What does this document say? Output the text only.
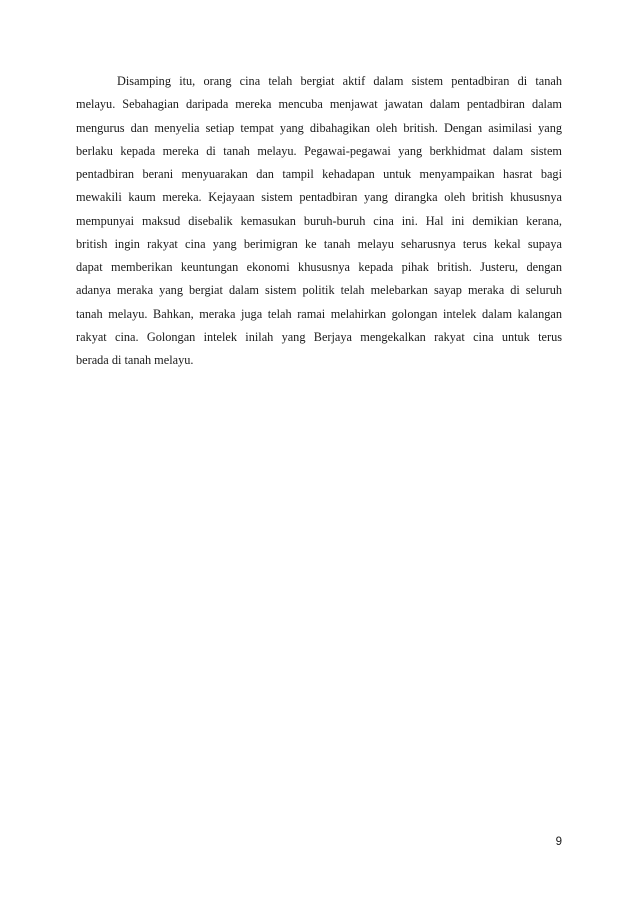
Disamping itu, orang cina telah bergiat aktif dalam sistem pentadbiran di tanah
melayu. Sebahagian daripada mereka mencuba menjawat jawatan dalam pentadbiran dalam
mengurus dan menyelia setiap tempat yang dibahagikan oleh british. Dengan asimilasi yang
berlaku kepada mereka di tanah melayu. Pegawai-pegawai yang berkhidmat dalam sistem
pentadbiran berani menyuarakan dan tampil kehadapan untuk menyampaikan hasrat bagi
mewakili kaum mereka. Kejayaan sistem pentadbiran yang dirangka oleh british khususnya
mempunyai maksud disebalik kemasukan buruh-buruh cina ini. Hal ini demikian kerana,
british ingin rakyat cina yang berimigran ke tanah melayu seharusnya terus kekal supaya
dapat memberikan keuntungan ekonomi khususnya kepada pihak british. Justeru, dengan
adanya meraka yang bergiat dalam sistem politik telah melebarkan sayap meraka di seluruh
tanah melayu. Bahkan, meraka juga telah ramai melahirkan golongan intelek dalam kalangan
rakyat cina. Golongan intelek inilah yang Berjaya mengekalkan rakyat cina untuk terus
berada di tanah melayu.
9
